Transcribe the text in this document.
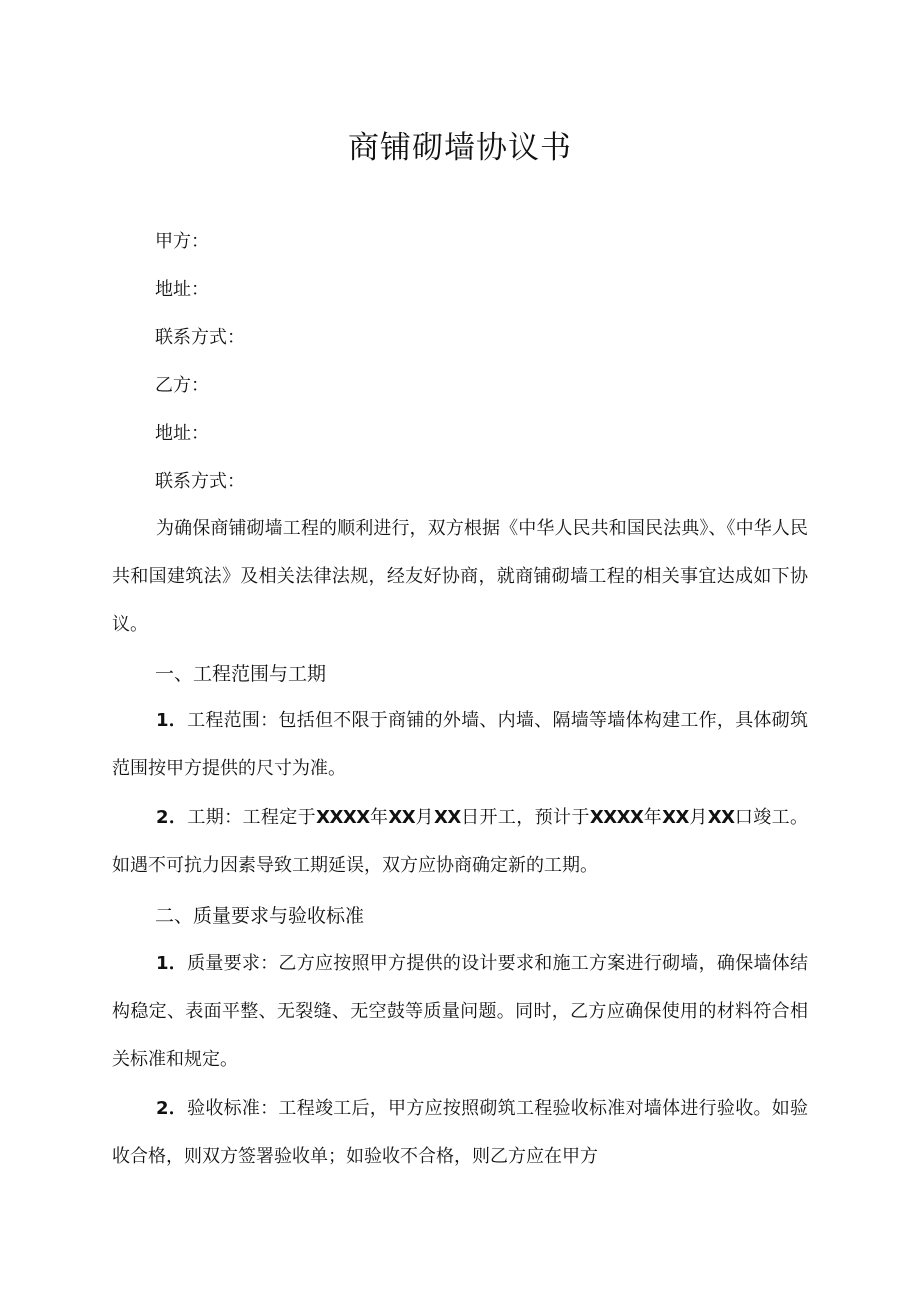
商铺砌墙协议书
甲方：
地址：
联系方式：
乙方：
地址：
联系方式：

为确保商铺砌墙工程的顺利进行，双方根据《中华人民共和国民法典》、《中华人民共和国建筑法》及相关法律法规，经友好协商，就商铺砌墙工程的相关事宜达成如下协议。

一、工程范围与工期

1．工程范围：包括但不限于商铺的外墙、内墙、隔墙等墙体构建工作，具体砌筑范围按甲方提供的尺寸为准。

2．工期：工程定于XXXX年XX月XX日开工，预计于XXXX年XX月XX口竣工。如遇不可抗力因素导致工期延误，双方应协商确定新的工期。

二、质量要求与验收标准

1．质量要求：乙方应按照甲方提供的设计要求和施工方案进行砌墙，确保墙体结构稳定、表面平整、无裂缝、无空鼓等质量问题。同时，乙方应确保使用的材料符合相关标准和规定。

2．验收标准：工程竣工后，甲方应按照砌筑工程验收标准对墙体进行验收。如验收合格，则双方签署验收单；如验收不合格，则乙方应在甲方
